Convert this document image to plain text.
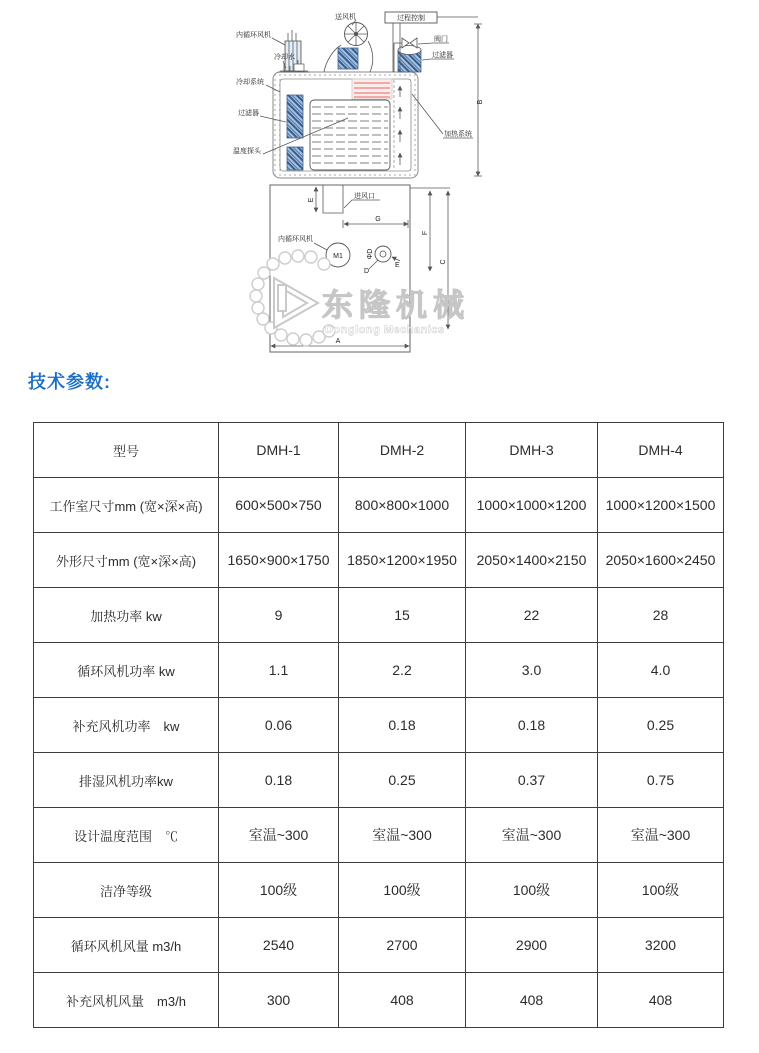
过程控制
B
送风机
内循环风机
冷却水
冷却系统
过滤器
温度探头
阀门
过滤器
加热系统
进风口
E
G
M1
内循环风机
ΦD
D
E
A
F
C
东隆机械
Donglong Mechanics
技术参数:
型号	DMH-1	DMH-2	DMH-3	DMH-4
工作室尺寸mm (宽×深×高)	600×500×750	800×800×1000	1000×1000×1200	1000×1200×1500
外形尺寸mm (宽×深×高)	1650×900×1750	1850×1200×1950	2050×1400×2150	2050×1600×2450
加热功率 kw	9	15	22	28
循环风机功率 kw	1.1	2.2	3.0	4.0
补充风机功率　kw	0.06	0.18	0.18	0.25
排湿风机功率kw	0.18	0.25	0.37	0.75
设计温度范围　℃	室温~300	室温~300	室温~300	室温~300
洁净等级	100级	100级	100级	100级
循环风机风量 m3/h	2540	2700	2900	3200
补充风机风量　m3/h	300	408	408	408
